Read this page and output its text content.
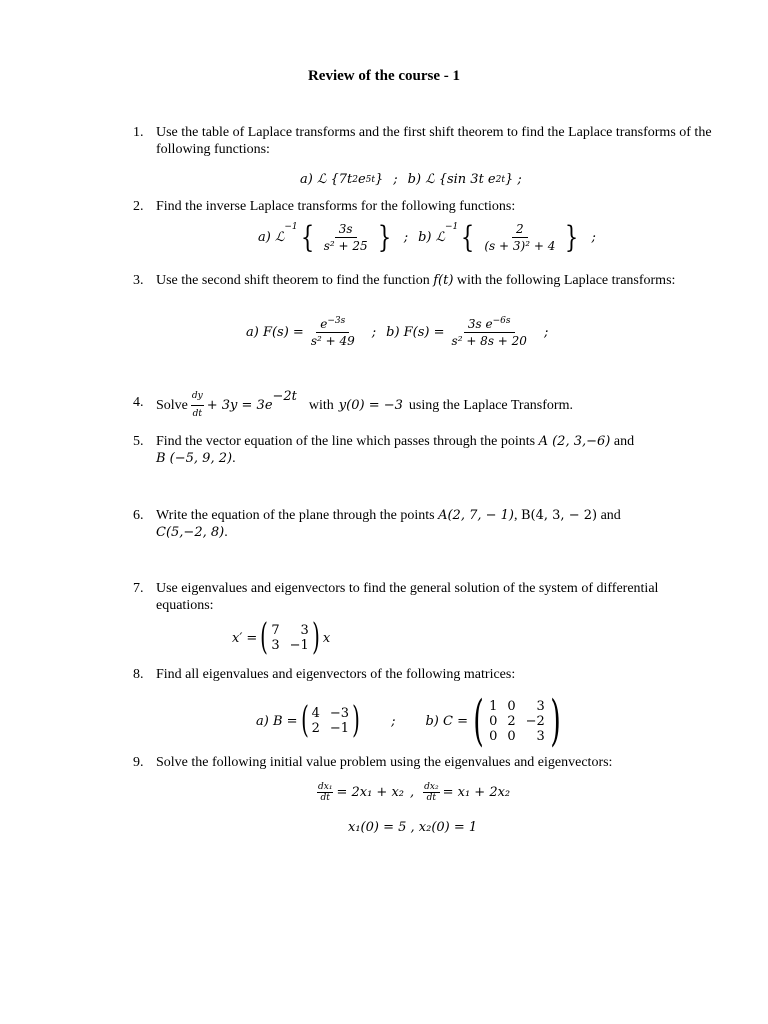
Review of the course - 1
1. Use the table of Laplace transforms and the first shift theorem to find the Laplace transforms of the following functions:
a) ℒ {7t 2 e 5t } ; b) ℒ {sin 3t e 2t } ;
2. Find the inverse Laplace transforms for the following functions:
a) ℒ
$^{-1}$ { $\frac{3s}{\text{s² + 25}}$ } ; b) ℒ
$^{-1}$ { $\frac{2}{\text{(s + 3)² + 4}}$ } ;
3. Use the second shift theorem to find the function f(t) with the following Laplace transforms:
a) $F(s) = \frac{e^{-3s}}{\text{s² + 49}}$ ; b) $F(s) = \frac{3s e^{-6s}}{\text{s² + 8s + 20}}$ ;
4. Solve $\frac{dy}{dt} + 3y = 3e$
−2t
with y(0) = −3 using the Laplace Transform.
5. Find the vector equation of the line which passes through the points A (2, 3,−6) and
B (−5, 9, 2).
6. Write the equation of the plane through the points A(2, 7, − 1), B(4, 3, − 2) and
C(5,−2, 8).
7. Use eigenvalues and eigenvectors to find the general solution of the system of differential equations:
x′ = ( 7	3
3 −1 ) x
8. Find all eigenvalues and eigenvectors of the following matrices:
a) B = ( 4 −3
2 −1 ) ; b) C = ( 1 0	3
0 2 −2
0 0	3 )
9. Solve the following initial value problem using the eigenvalues and eigenvectors:
$\frac{\text{dx₁}}{dt} = 2x_1 + x_2$ , $\frac{\text{dx₂}}{dt} = x_1 + 2x_2$
x₁(0) = 5 , x₂(0) = 1
